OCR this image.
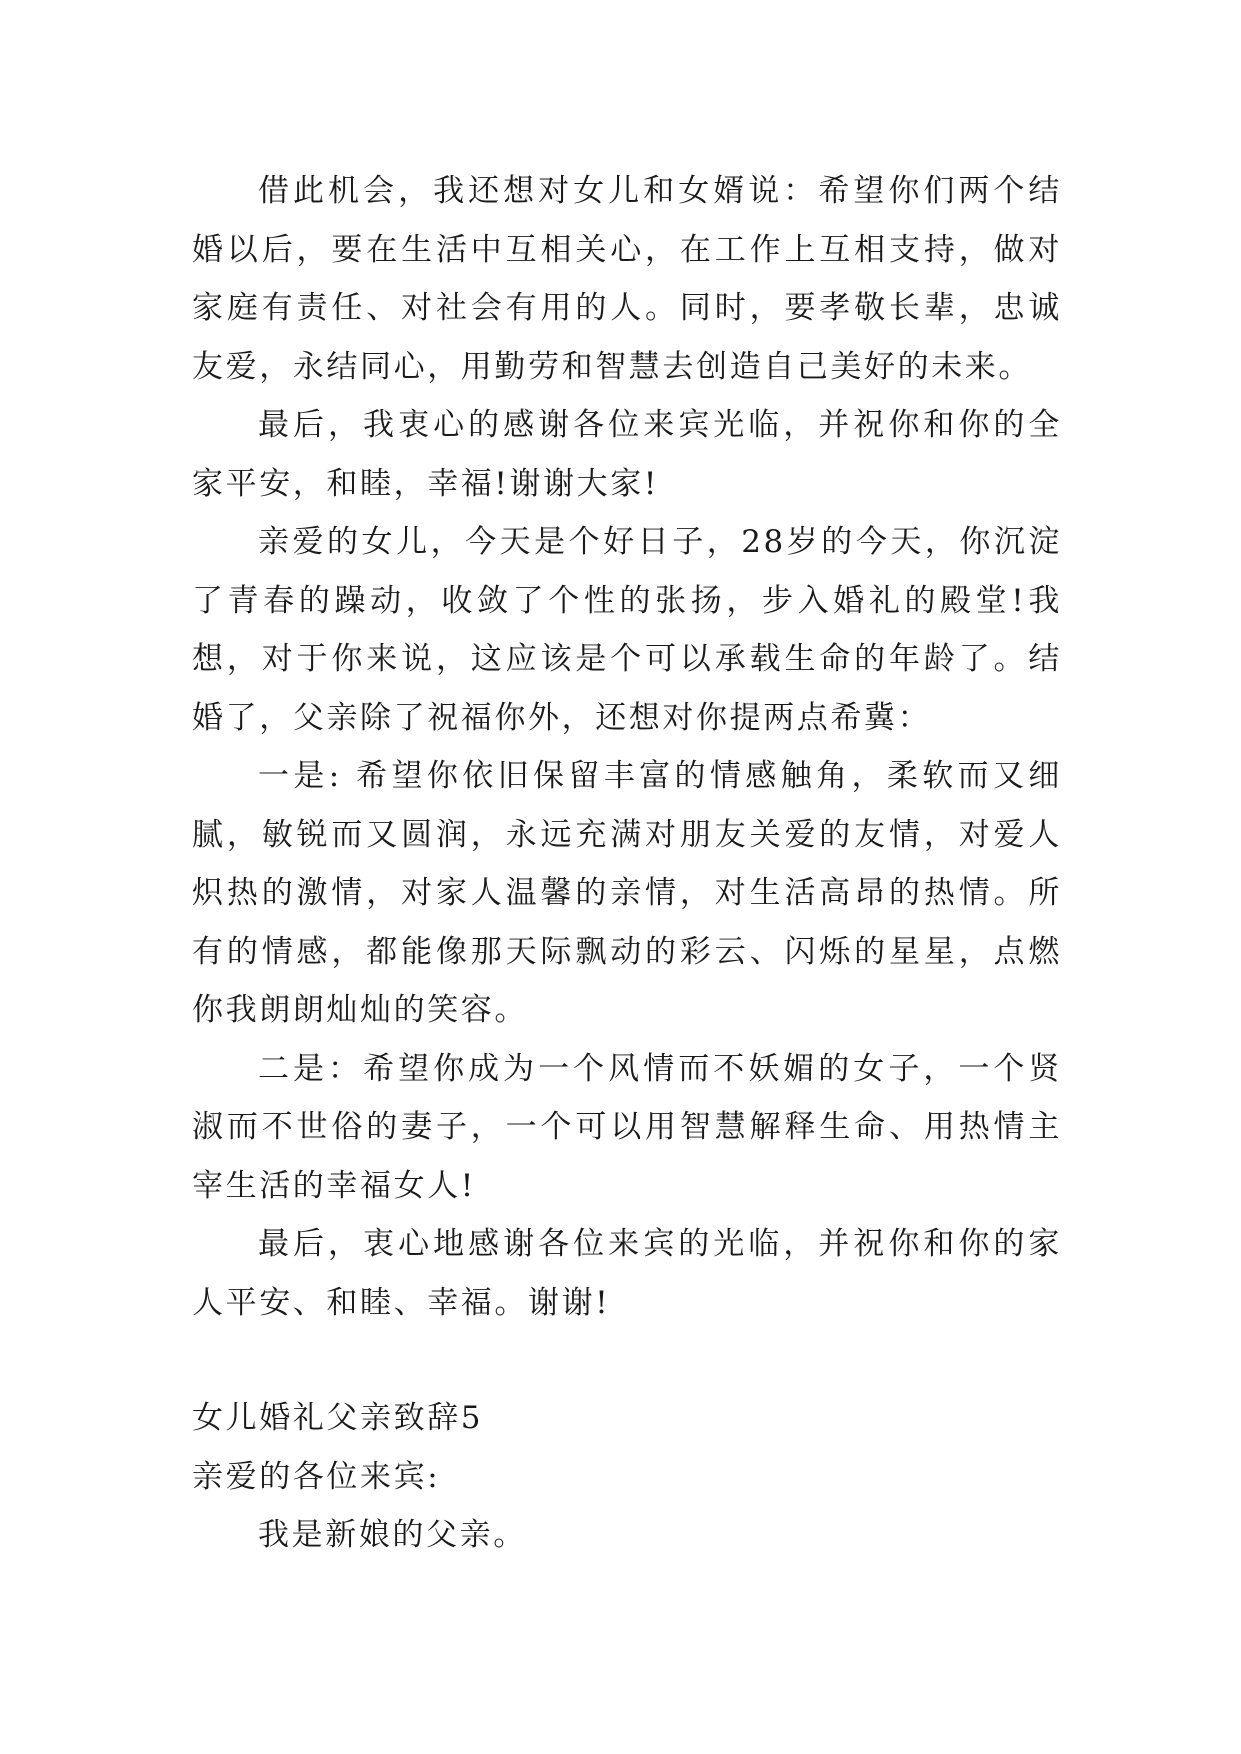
借此机会，我还想对女儿和女婿说：希望你们两个结婚以后，要在生活中互相关心，在工作上互相支持，做对家庭有责任、对社会有用的人。同时，要孝敬长辈，忠诚友爱，永结同心，用勤劳和智慧去创造自己美好的未来。

最后，我衷心的感谢各位来宾光临，并祝你和你的全家平安，和睦，幸福!谢谢大家!

亲爱的女儿，今天是个好日子，28岁的今天，你沉淀了青春的躁动，收敛了个性的张扬，步入婚礼的殿堂!我想，对于你来说，这应该是个可以承载生命的年龄了。结婚了，父亲除了祝福你外，还想对你提两点希冀：

一是: 希望你依旧保留丰富的情感触角，柔软而又细腻，敏锐而又圆润，永远充满对朋友关爱的友情，对爱人炽热的激情，对家人温馨的亲情，对生活高昂的热情。所有的情感，都能像那天际飘动的彩云、闪烁的星星，点燃你我朗朗灿灿的笑容。

二是：希望你成为一个风情而不妖媚的女子，一个贤淑而不世俗的妻子，一个可以用智慧解释生命、用热情主宰生活的幸福女人!

最后，衷心地感谢各位来宾的光临，并祝你和你的家人平安、和睦、幸福。谢谢!

女儿婚礼父亲致辞5

亲爱的各位来宾:

我是新娘的父亲。
